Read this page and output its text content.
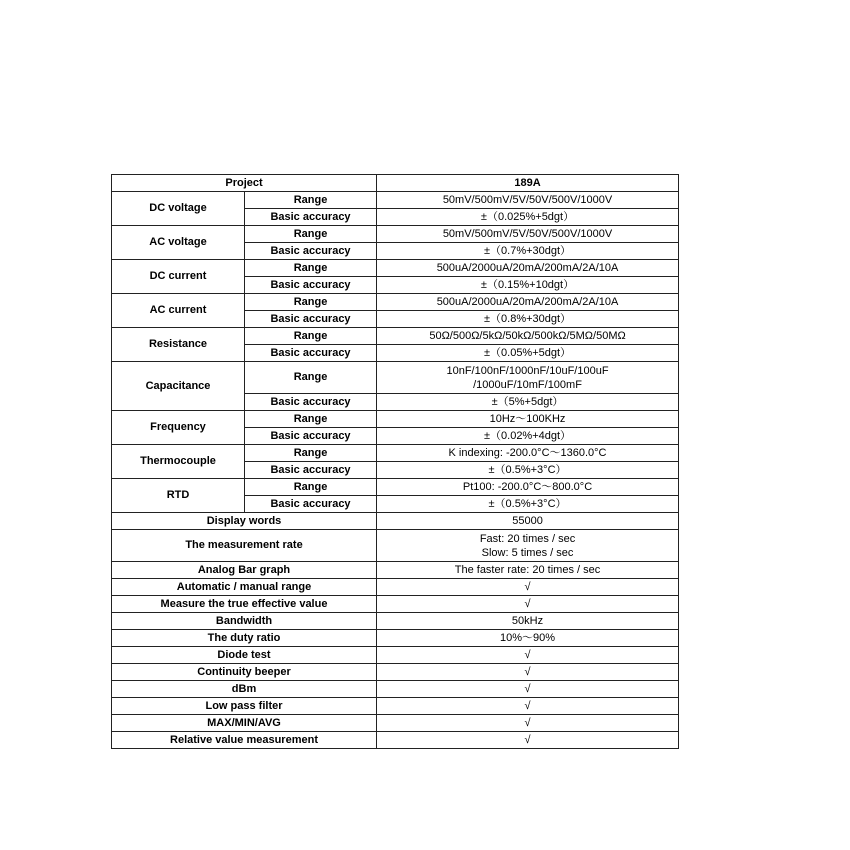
Project		189A
DC voltage	Range	50mV/500mV/5V/50V/500V/1000V
	Basic accuracy	±（0.025%+5dgt）
AC voltage	Range	50mV/500mV/5V/50V/500V/1000V
	Basic accuracy	±（0.7%+30dgt）
DC current	Range	500uA/2000uA/20mA/200mA/2A/10A
	Basic accuracy	±（0.15%+10dgt）
AC current	Range	500uA/2000uA/20mA/200mA/2A/10A
	Basic accuracy	±（0.8%+30dgt）
Resistance	Range	50Ω/500Ω/5kΩ/50kΩ/500kΩ/5MΩ/50MΩ
	Basic accuracy	±（0.05%+5dgt）
Capacitance	Range	10nF/100nF/1000nF/10uF/100uF
/1000uF/10mF/100mF

	Basic accuracy	±（5%+5dgt）
Frequency	Range	10Hz～100KHz
	Basic accuracy	±（0.02%+4dgt）
Thermocouple	Range	K indexing: -200.0°C～1360.0°C
	Basic accuracy	±（0.5%+3°C）
RTD	Range	Pt100: -200.0°C～800.0°C
	Basic accuracy	±（0.5%+3°C）
Display words		55000
The measurement rate		Fast: 20 times / sec
Slow: 5 times / sec

Analog Bar graph		The faster rate: 20 times / sec
Automatic / manual range		√
Measure the true effective value		√
Bandwidth		50kHz
The duty ratio		10%～90%
Diode test		√
Continuity beeper		√
dBm		√
Low pass filter		√
MAX/MIN/AVG		√
Relative value measurement		√
